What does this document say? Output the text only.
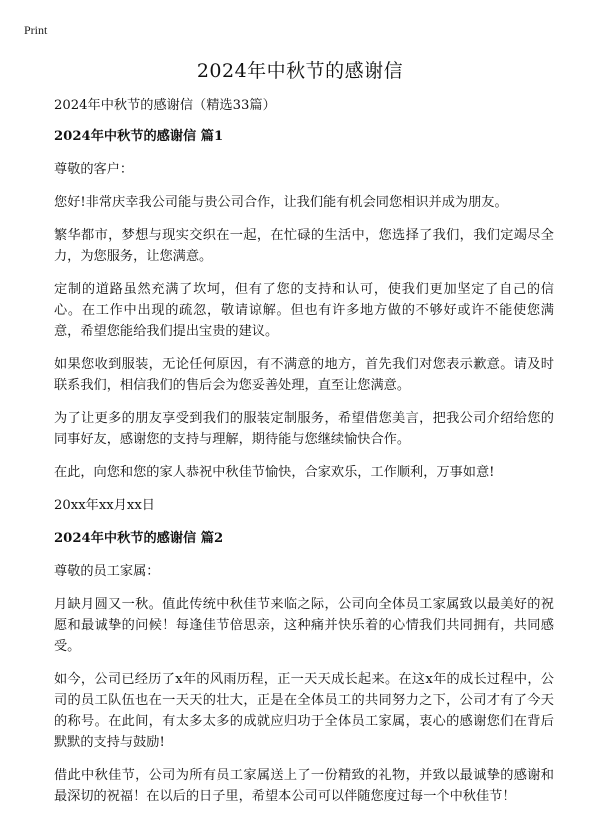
Print
2024年中秋节的感谢信

2024年中秋节的感谢信（精选33篇）

2024年中秋节的感谢信 篇1

尊敬的客户：

您好!非常庆幸我公司能与贵公司合作，让我们能有机会同您相识并成为朋友。

繁华都市，梦想与现实交织在一起，在忙碌的生活中，您选择了我们，我们定竭尽全力，为您服务，让您满意。

定制的道路虽然充满了坎坷，但有了您的支持和认可，使我们更加坚定了自己的信心。在工作中出现的疏忽，敬请谅解。但也有许多地方做的不够好或许不能使您满意，希望您能给我们提出宝贵的建议。

如果您收到服装，无论任何原因，有不满意的地方，首先我们对您表示歉意。请及时联系我们，相信我们的售后会为您妥善处理，直至让您满意。

为了让更多的朋友享受到我们的服装定制服务，希望借您美言，把我公司介绍给您的同事好友，感谢您的支持与理解，期待能与您继续愉快合作。

在此，向您和您的家人恭祝中秋佳节愉快，合家欢乐，工作顺利，万事如意!

20xx年xx月xx日

2024年中秋节的感谢信 篇2

尊敬的员工家属：

月缺月圆又一秋。值此传统中秋佳节来临之际，公司向全体员工家属致以最美好的祝愿和最诚挚的问候！每逢佳节倍思亲，这种痛并快乐着的心情我们共同拥有，共同感受。

如今，公司已经历了x年的风雨历程，正一天天成长起来。在这x年的成长过程中，公司的员工队伍也在一天天的壮大，正是在全体员工的共同努力之下，公司才有了今天的称号。在此间，有太多太多的成就应归功于全体员工家属，衷心的感谢您们在背后默默的支持与鼓励!

借此中秋佳节，公司为所有员工家属送上了一份精致的礼物，并致以最诚挚的感谢和最深切的祝福！在以后的日子里，希望本公司可以伴随您度过每一个中秋佳节！
